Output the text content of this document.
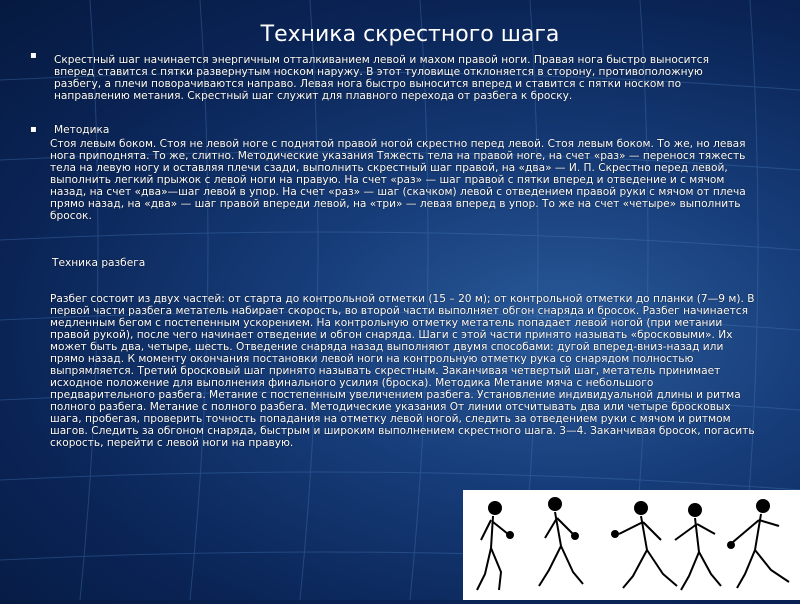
Техника скрестного шага
▪ Скрестный шаг начинается энергичным отталкиванием левой и махом правой ноги. Правая нога быстро выносится вперед ставится с пятки развернутым носком наружу. В этот туловище отклоняется в сторону, противоположную разбегу, а плечи поворачиваются направо. Левая нога быстро выносится вперед и ставится с пятки носком по направлению метания. Скрестный шаг служит для плавного перехода от разбега к броску.

▪ Методика

Стоя левым боком. Стоя не левой ноге с поднятой правой ногой скрестно перед левой. Стоя левым боком. То же, но левая нога приподнята. То же, слитно. Методические указания Тяжесть тела на правой ноге, на счет «раз» — перенося тяжесть тела на левую ногу и оставляя плечи сзади, выполнить скрестный шаг правой, на «два» — И. П. Скрестно перед левой, выполнить легкий прыжок с левой ноги на правую. На счет «раз» — шаг правой с пятки вперед и отведение и с мячом назад, на счет «два»—шаг левой в упор. На счет «раз» — шаг (скачком) левой с отведением правой руки с мячом от плеча прямо назад, на «два» — шаг правой впереди левой, на «три» — левая вперед в упор. То же на счет «четыре» выполнить бросок.

Техника разбега

Разбег состоит из двух частей: от старта до контрольной отметки (15 – 20 м); от контрольной отметки до планки (7—9 м). В первой части разбега метатель набирает скорость, во второй части выполняет обгон снаряда и бросок. Разбег начинается медленным бегом с постепенным ускорением. На контрольную отметку метатель попадает левой ногой (при метании правой рукой), после чего начинает отведение и обгон снаряда. Шаги с этой части принято называть «бросковыми». Их может быть два, четыре, шесть. Отведение снаряда назад выполняют двумя способами: дугой вперед-вниз-назад или прямо назад. К моменту окончания постановки левой ноги на контрольную отметку рука со снарядом полностью выпрямляется. Третий бросковый шаг принято называть скрестным. Заканчивая четвертый шаг, метатель принимает исходное положение для выполнения финального усилия (броска). Методика Метание мяча с небольшого предварительного разбега. Метание с постепенным увеличением разбега. Установление индивидуальной длины и ритма полного разбега. Метание с полного разбега. Методические указания От линии отсчитывать два или четыре бросковых шага, пробегая, проверить точность попадания на отметку левой ногой, следить за отведением руки с мячом и ритмом шагов. Следить за обгоном снаряда, быстрым и широким выполнением скрестного шага. 3—4. Заканчивая бросок, погасить скорость, перейти с левой ноги на правую.
